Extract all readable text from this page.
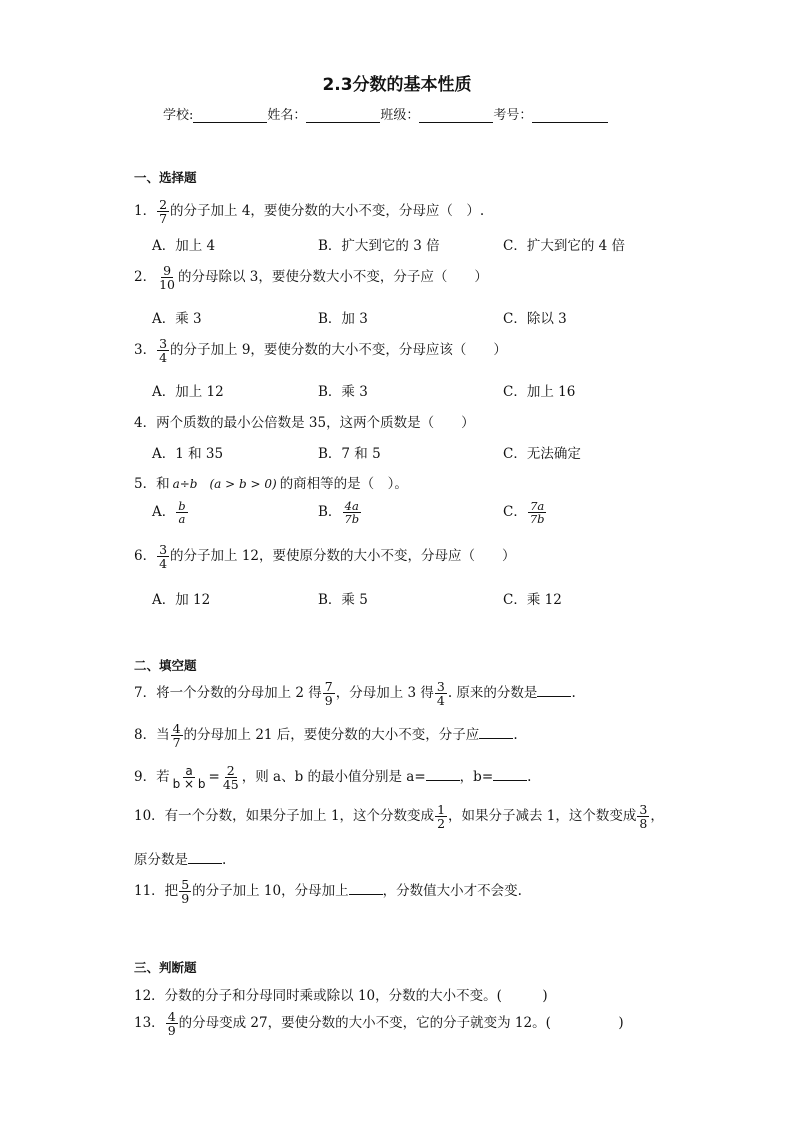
2.3分数的基本性质
学校:	姓名：	班级：	考号：
一、选择题
1． $\frac{2}{7}$ 的分子加上 4，要使分数的大小不变，分母应（　）.
A．加上 4	B．扩大到它的 3 倍	C．扩大到它的 4 倍
2． $\frac{9}{10}$ 的分母除以 3，要使分数大小不变，分子应（　　）
A．乘 3	B．加 3	C．除以 3
3． $\frac{3}{4}$ 的分子加上 9，要使分数的大小不变，分母应该（　　）
A．加上 12	B．乘 3	C．加上 16
4．两个质数的最小公倍数是 35，这两个质数是（　　）
A．1 和 35	B．7 和 5	C．无法确定
5．和 a÷b　(a > b > 0) 的商相等的是（　）。
A． $\frac{b}{a}$	B． $\frac{4a}{7b}$	C． $\frac{7a}{7b}$
6． $\frac{3}{4}$ 的分子加上 12，要使原分数的大小不变，分母应（　　）
A．加 12	B．乘 5	C．乘 12
二、填空题
7．将一个分数的分母加上 2 得 $\frac{7}{9}$ ，分母加上 3 得 $\frac{3}{4}$ . 原来的分数是	.
8．当 $\frac{4}{7}$ 的分母加上 21 后，要使分数的大小不变，分子应	.
9．若 $\frac{a}{b \times b} = \frac{2}{45}$ ，则 a、b 的最小值分别是 a=	，b=	.
10．有一个分数，如果分子加上 1，这个分数变成 $\frac{1}{2}$ ，如果分子减去 1，这个数变成 $\frac{3}{8}$ ，
原分数是	.
11．把 $\frac{5}{9}$ 的分子加上 10，分母加上	，分数值大小才不会变.
三、判断题
12．分数的分子和分母同时乘或除以 10，分数的大小不变。(　　　)
13． $\frac{4}{9}$ 的分母变成 27，要使分数的大小不变，它的分子就变为 12。(　　　　　)
